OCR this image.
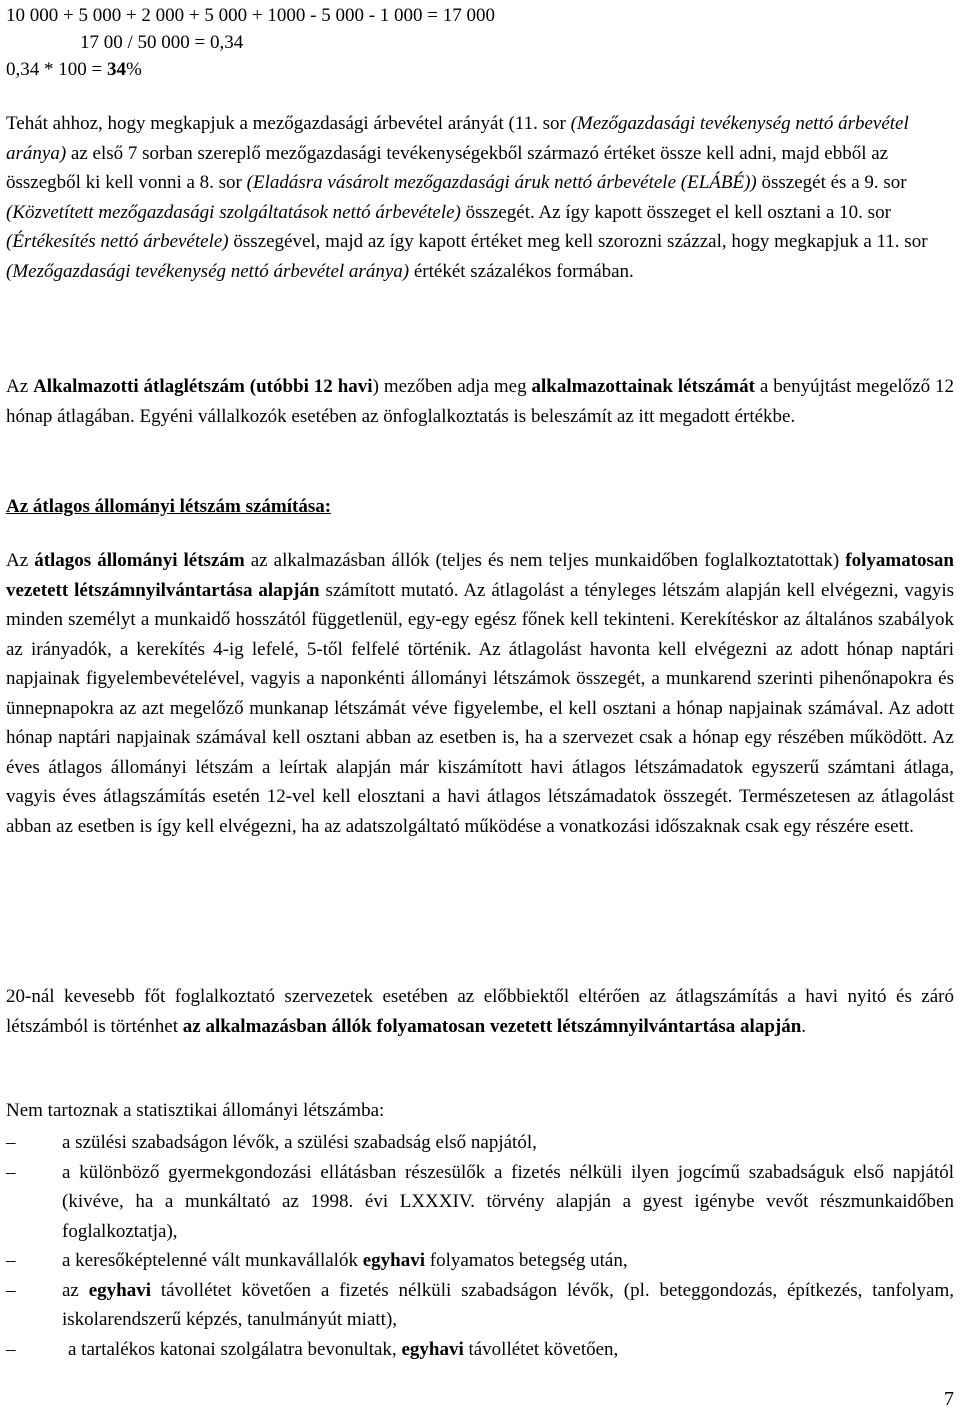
10 000 + 5 000 + 2 000 + 5 000 + 1000 - 5 000 - 1 000 = 17 000
17 00 / 50 000 = 0,34
0,34 * 100 = 34%
Tehát ahhoz, hogy megkapjuk a mezőgazdasági árbevétel arányát (11. sor (Mezőgazdasági tevékenység nettó árbevétel aránya) az első 7 sorban szereplő mezőgazdasági tevékenységekből származó értéket össze kell adni, majd ebből az összegből ki kell vonni a 8. sor (Eladásra vásárolt mezőgazdasági áruk nettó árbevétele (ELÁBÉ)) összegét és a 9. sor (Közvetített mezőgazdasági szolgáltatások nettó árbevétele) összegét. Az így kapott összeget el kell osztani a 10. sor (Értékesítés nettó árbevétele) összegével, majd az így kapott értéket meg kell szorozni százzal, hogy megkapjuk a 11. sor (Mezőgazdasági tevékenység nettó árbevétel aránya) értékét százalékos formában.
Az Alkalmazotti átlaglétszám (utóbbi 12 havi) mezőben adja meg alkalmazottainak létszámát a benyújtást megelőző 12 hónap átlagában. Egyéni vállalkozók esetében az önfoglalkoztatás is beleszámít az itt megadott értékbe.
Az átlagos állományi létszám számítása:
Az átlagos állományi létszám az alkalmazásban állók (teljes és nem teljes munkaidőben foglalkoztatottak) folyamatosan vezetett létszámnyilvántartása alapján számított mutató. Az átlagolást a tényleges létszám alapján kell elvégezni, vagyis minden személyt a munkaidő hosszától függetlenül, egy-egy egész főnek kell tekinteni. Kerekítéskor az általános szabályok az irányadók, a kerekítés 4-ig lefelé, 5-től felfelé történik. Az átlagolást havonta kell elvégezni az adott hónap naptári napjainak figyelembevételével, vagyis a naponkénti állományi létszámok összegét, a munkarend szerinti pihenőnapokra és ünnepnapokra az azt megelőző munkanap létszámát véve figyelembe, el kell osztani a hónap napjainak számával. Az adott hónap naptári napjainak számával kell osztani abban az esetben is, ha a szervezet csak a hónap egy részében működött. Az éves átlagos állományi létszám a leírtak alapján már kiszámított havi átlagos létszámadatok egyszerű számtani átlaga, vagyis éves átlagszámítás esetén 12-vel kell elosztani a havi átlagos létszámadatok összegét. Természetesen az átlagolást abban az esetben is így kell elvégezni, ha az adatszolgáltató működése a vonatkozási időszaknak csak egy részére esett.
20-nál kevesebb főt foglalkoztató szervezetek esetében az előbbiektől eltérően az átlagszámítás a havi nyitó és záró létszámból is történhet az alkalmazásban állók folyamatosan vezetett létszámnyilvántartása alapján.
Nem tartoznak a statisztikai állományi létszámba:
– a szülési szabadságon lévők, a szülési szabadság első napjától,
– a különböző gyermekgondozási ellátásban részesülők a fizetés nélküli ilyen jogcímű szabadságuk első napjától (kivéve, ha a munkáltató az 1998. évi LXXXIV. törvény alapján a gyest igénybe vevőt részmunkaidőben foglalkoztatja),
– a keresőképtelenné vált munkavállalók egyhavi folyamatos betegség után,
– az egyhavi távollétet követően a fizetés nélküli szabadságon lévők, (pl. beteggondozás, építkezés, tanfolyam, iskolarendszerű képzés, tanulmányút miatt),
–	a tartalékos katonai szolgálatra bevonultak, egyhavi távollétet követően,
7
